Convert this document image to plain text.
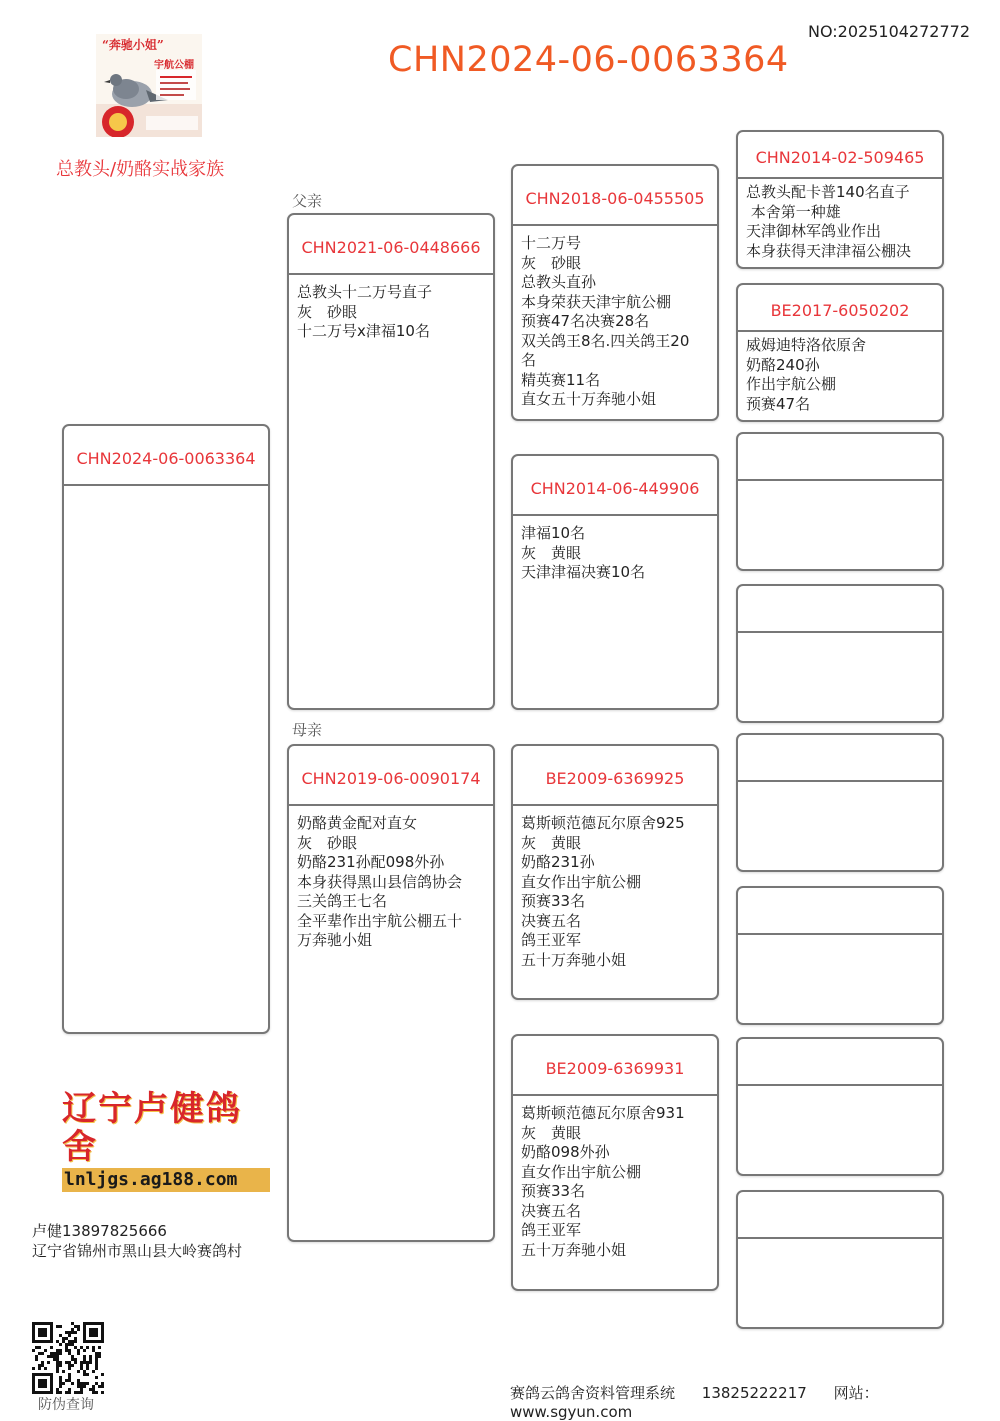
NO:2025104272772
CHN2024-06-0063364
“奔驰小姐”
宇航公棚
总教头/奶酪实战家族
父亲
母亲
CHN2024-06-0063364
CHN2021-06-0448666
总教头十二万号直子
灰　砂眼
十二万号x津福10名
CHN2019-06-0090174
奶酪黄金配对直女
灰　砂眼
奶酪231孙配098外孙
本身获得黑山县信鸽协会
三关鸽王七名
全平辈作出宇航公棚五十
万奔驰小姐
CHN2018-06-0455505
十二万号
灰　砂眼
总教头直孙
本身荣获天津宇航公棚
预赛47名决赛28名
双关鸽王8名.四关鸽王20
名
精英赛11名
直女五十万奔驰小姐
CHN2014-06-449906
津福10名
灰　黄眼
天津津福决赛10名
BE2009-6369925
葛斯顿范德瓦尔原舍925
灰　黄眼
奶酪231孙
直女作出宇航公棚
预赛33名
决赛五名
鸽王亚军
五十万奔驰小姐
BE2009-6369931
葛斯顿范德瓦尔原舍931
灰　黄眼
奶酪098外孙
直女作出宇航公棚
预赛33名
决赛五名
鸽王亚军
五十万奔驰小姐
CHN2014-02-509465
总教头配卡普140名直子
本舍第一种雄
天津御林军鸽业作出
本身获得天津津福公棚决
BE2017-6050202
威姆迪特洛依原舍
奶酪240孙
作出宇航公棚
预赛47名
辽宁卢健鸽舍
lnljgs.ag188.com
卢健13897825666
辽宁省锦州市黑山县大岭赛鸽村
防伪查询
赛鸽云鸽舍资料管理系统 13825222217 网站：www.sgyun.com
